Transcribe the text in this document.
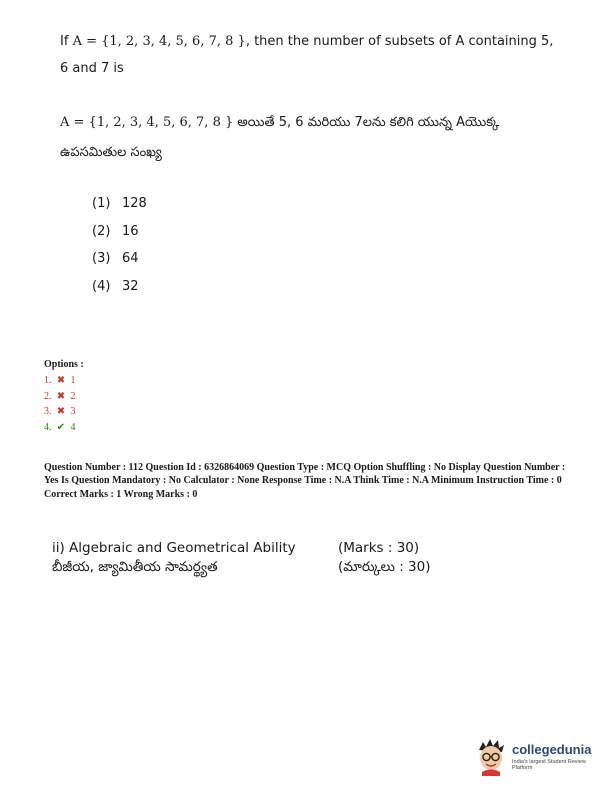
If A = {1, 2, 3, 4, 5, 6, 7, 8 }, then the number of subsets of A containing 5, 6 and 7 is
A = {1, 2, 3, 4, 5, 6, 7, 8 } అయితే 5, 6 మరియు 7లను కలిగి యున్న Aయొక్క ఉపసమితుల సంఖ్య
(1) 128
(2) 16
(3) 64
(4) 32
Options :
1. ✖ 1
2. ✖ 2
3. ✖ 3
4. ✔ 4
Question Number : 112 Question Id : 6326864069 Question Type : MCQ Option Shuffling : No Display Question Number : Yes Is Question Mandatory : No Calculator : None Response Time : N.A Think Time : N.A Minimum Instruction Time : 0
Correct Marks : 1 Wrong Marks : 0
ii) Algebraic and Geometrical Ability
బీజీయ, జ్యామితీయ సామర్థ్యత
(Marks : 30)
(మార్కులు : 30)
collegedunia
India's largest Student Review Platform
